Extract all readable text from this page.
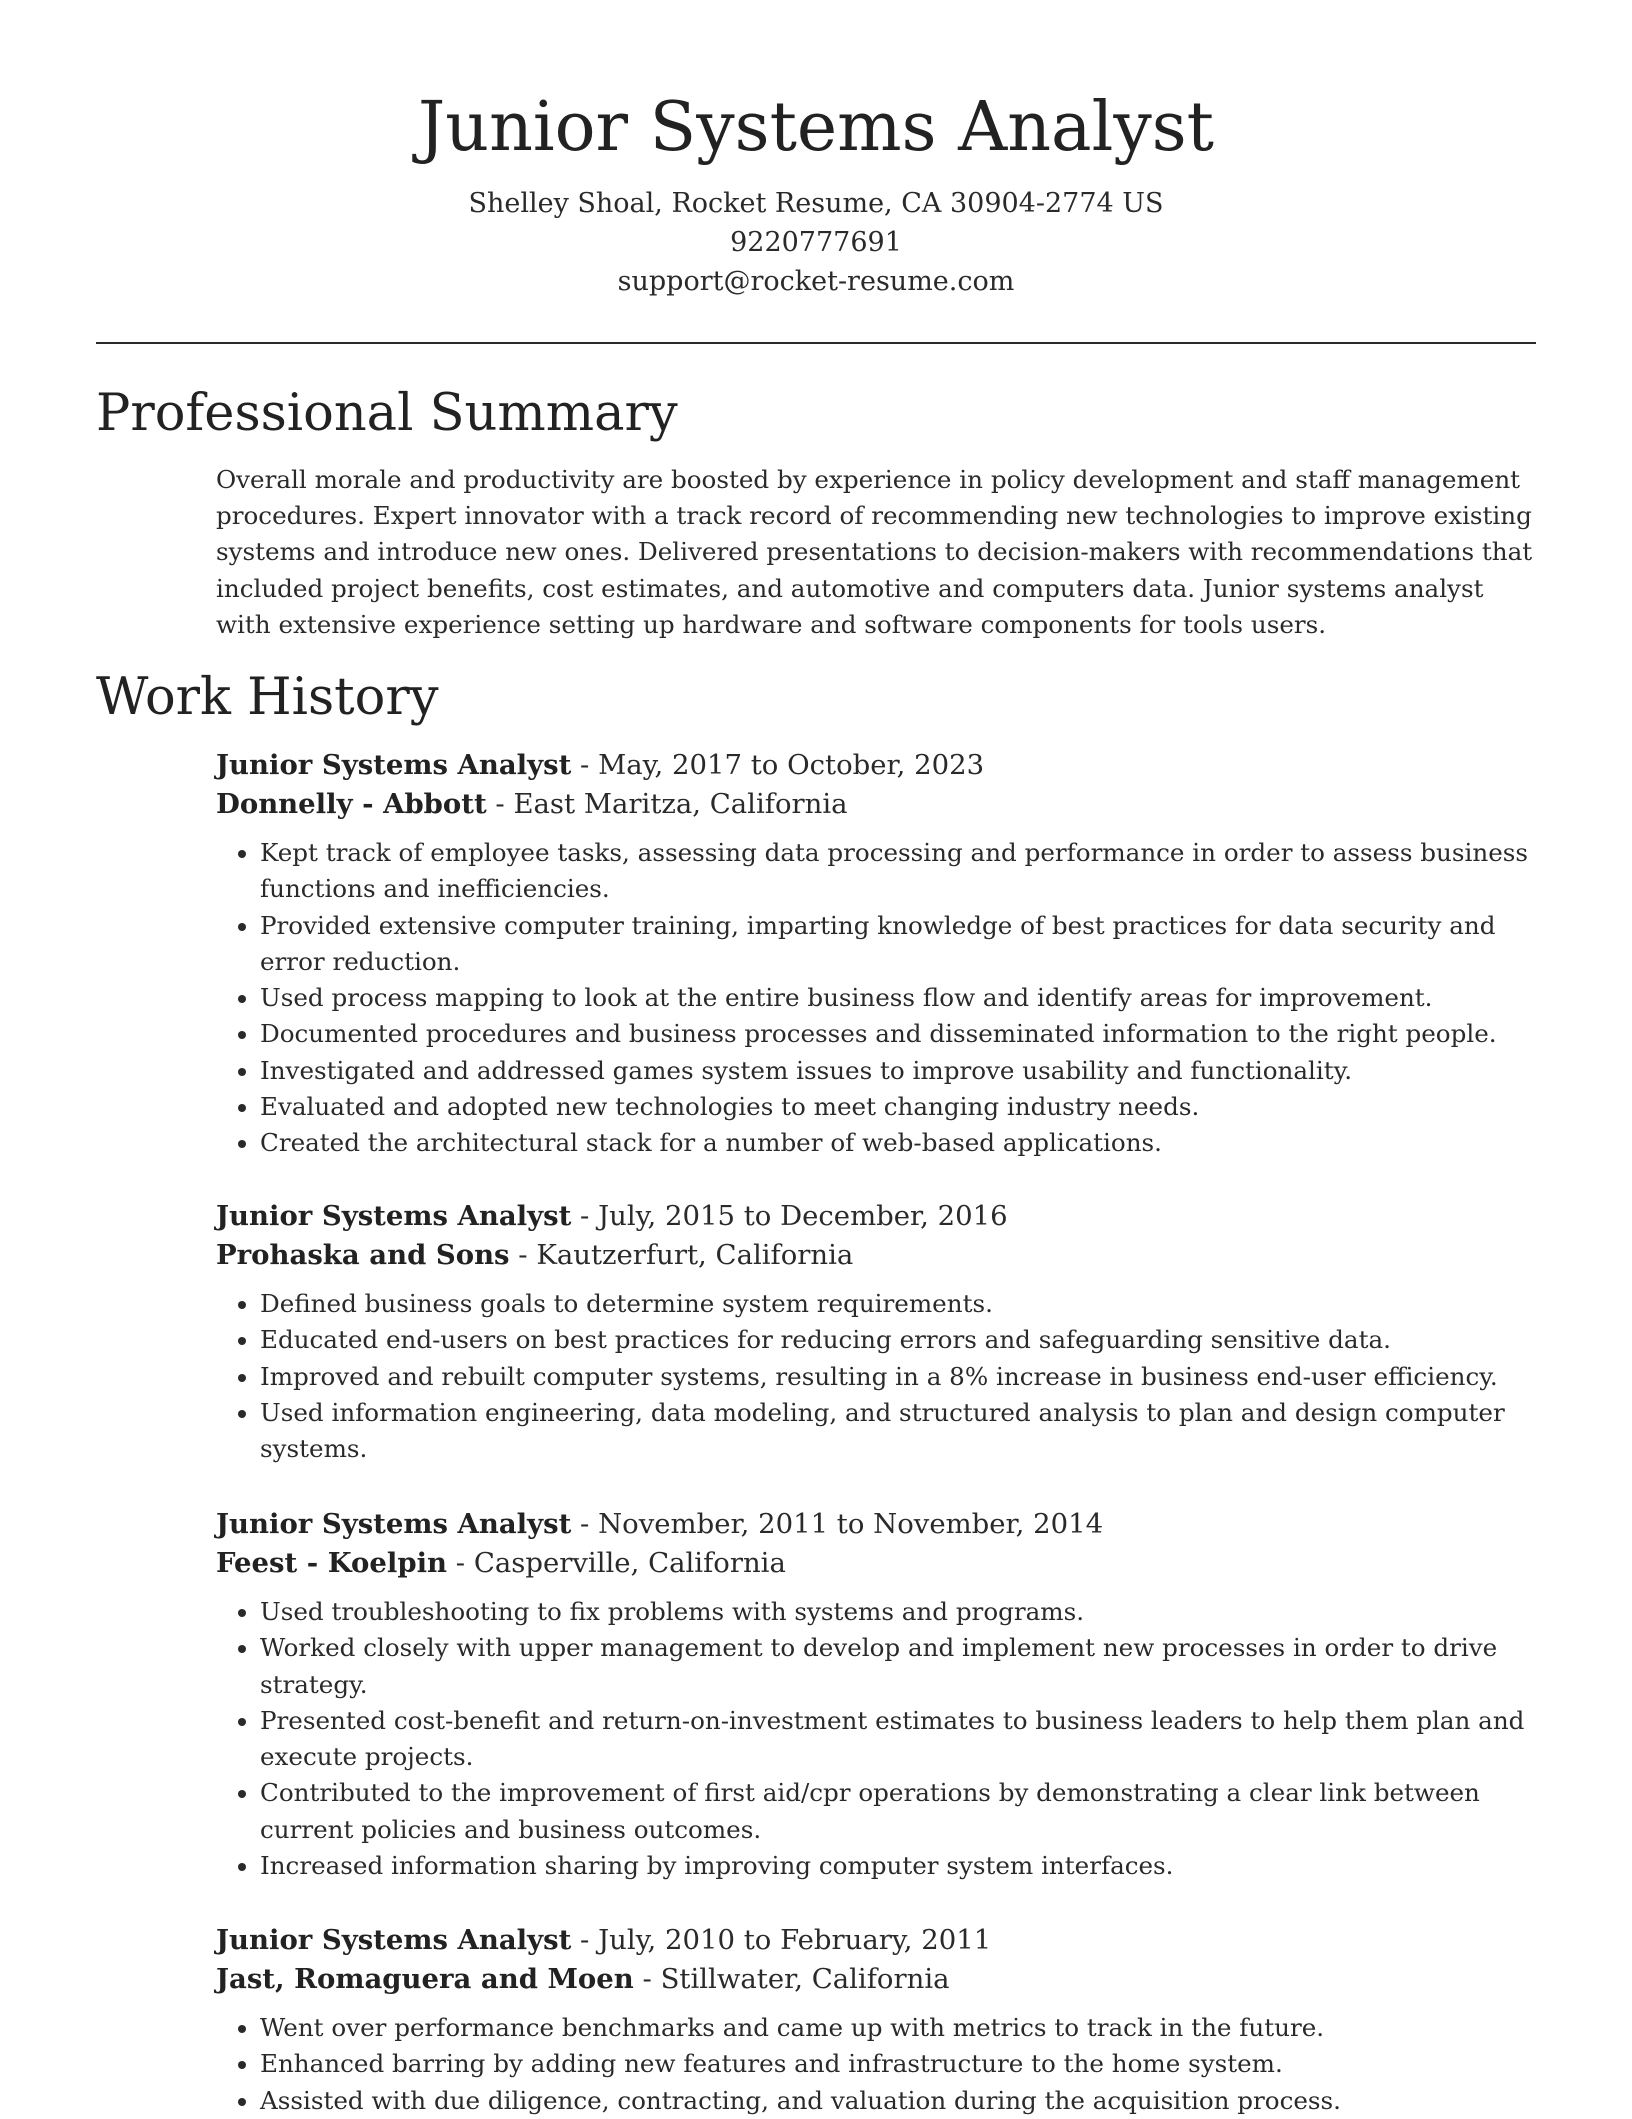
Junior Systems Analyst
Shelley Shoal, Rocket Resume, CA 30904-2774 US
9220777691
support@rocket-resume.com
Professional Summary
Overall morale and productivity are boosted by experience in policy development and staff management procedures. Expert innovator with a track record of recommending new technologies to improve existing systems and introduce new ones. Delivered presentations to decision-makers with recommendations that included project benefits, cost estimates, and automotive and computers data. Junior systems analyst with extensive experience setting up hardware and software components for tools users.
Work History
Junior Systems Analyst - May, 2017 to October, 2023
Donnelly - Abbott - East Maritza, California
• Kept track of employee tasks, assessing data processing and performance in order to assess business functions and inefficiencies.
• Provided extensive computer training, imparting knowledge of best practices for data security and error reduction.
• Used process mapping to look at the entire business flow and identify areas for improvement.
• Documented procedures and business processes and disseminated information to the right people.
• Investigated and addressed games system issues to improve usability and functionality.
• Evaluated and adopted new technologies to meet changing industry needs.
• Created the architectural stack for a number of web-based applications.
Junior Systems Analyst - July, 2015 to December, 2016
Prohaska and Sons - Kautzerfurt, California
• Defined business goals to determine system requirements.
• Educated end-users on best practices for reducing errors and safeguarding sensitive data.
• Improved and rebuilt computer systems, resulting in a 8% increase in business end-user efficiency.
• Used information engineering, data modeling, and structured analysis to plan and design computer systems.
Junior Systems Analyst - November, 2011 to November, 2014
Feest - Koelpin - Casperville, California
• Used troubleshooting to fix problems with systems and programs.
• Worked closely with upper management to develop and implement new processes in order to drive strategy.
• Presented cost-benefit and return-on-investment estimates to business leaders to help them plan and execute projects.
• Contributed to the improvement of first aid/cpr operations by demonstrating a clear link between current policies and business outcomes.
• Increased information sharing by improving computer system interfaces.
Junior Systems Analyst - July, 2010 to February, 2011
Jast, Romaguera and Moen - Stillwater, California
• Went over performance benchmarks and came up with metrics to track in the future.
• Enhanced barring by adding new features and infrastructure to the home system.
• Assisted with due diligence, contracting, and valuation during the acquisition process.
